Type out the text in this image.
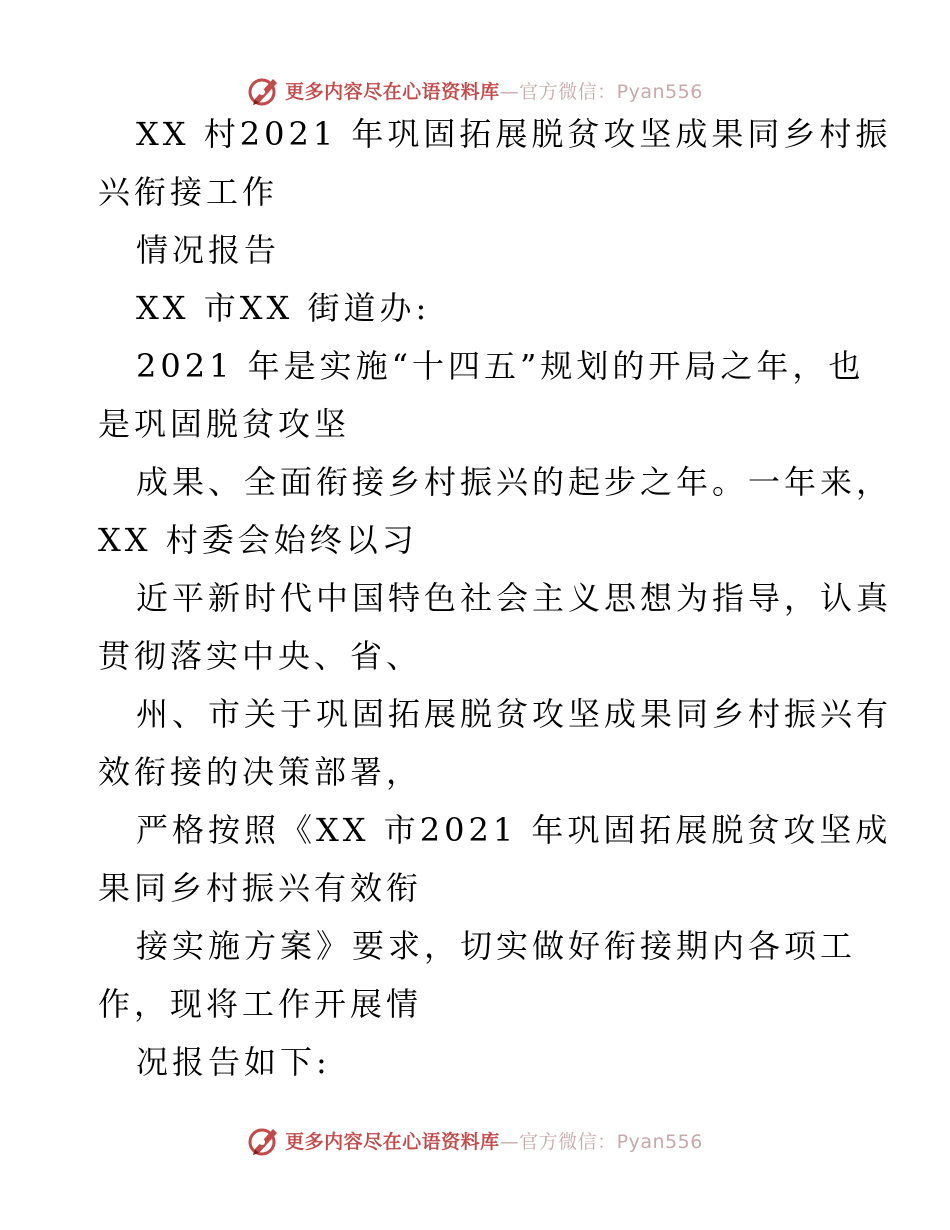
更多内容尽在心语资料库—官方微信：Pyan556
XX 村2021 年巩固拓展脱贫攻坚成果同乡村振
兴衔接工作
情况报告
XX 市XX 街道办:
2021 年是实施“十四五”规划的开局之年，也
是巩固脱贫攻坚
成果、全面衔接乡村振兴的起步之年。一年来，
XX 村委会始终以习
近平新时代中国特色社会主义思想为指导，认真
贯彻落实中央、省、
州、市关于巩固拓展脱贫攻坚成果同乡村振兴有
效衔接的决策部署，
严格按照《XX 市2021 年巩固拓展脱贫攻坚成
果同乡村振兴有效衔
接实施方案》要求，切实做好衔接期内各项工
作，现将工作开展情
况报告如下:
更多内容尽在心语资料库—官方微信：Pyan556
